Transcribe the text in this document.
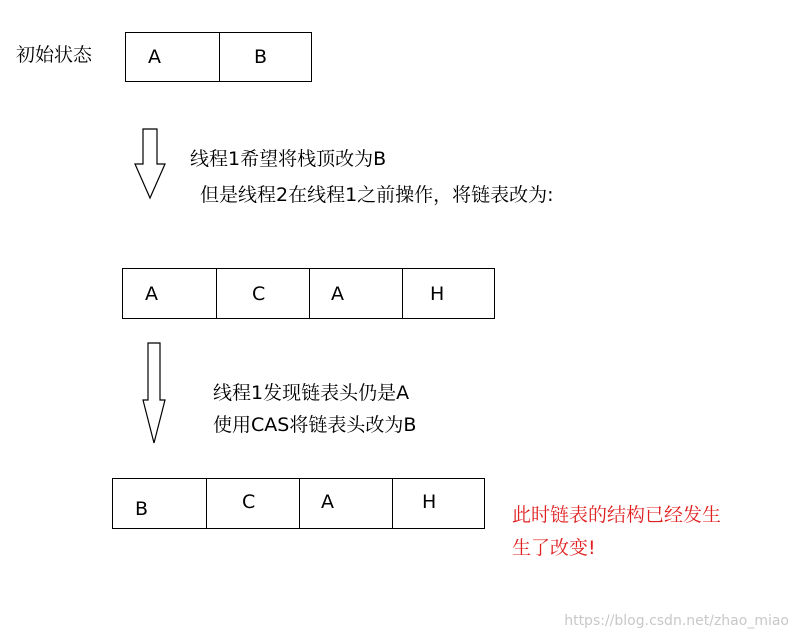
初始状态	A	B
线程1希望将栈顶改为B
但是线程2在线程1之前操作，将链表改为:
A	C	A	H
线程1发现链表头仍是A
使用CAS将链表头改为B
B	C	A	H
此时链表的结构已经发生
生了改变!
https://blog.csdn.net/zhao_miao
